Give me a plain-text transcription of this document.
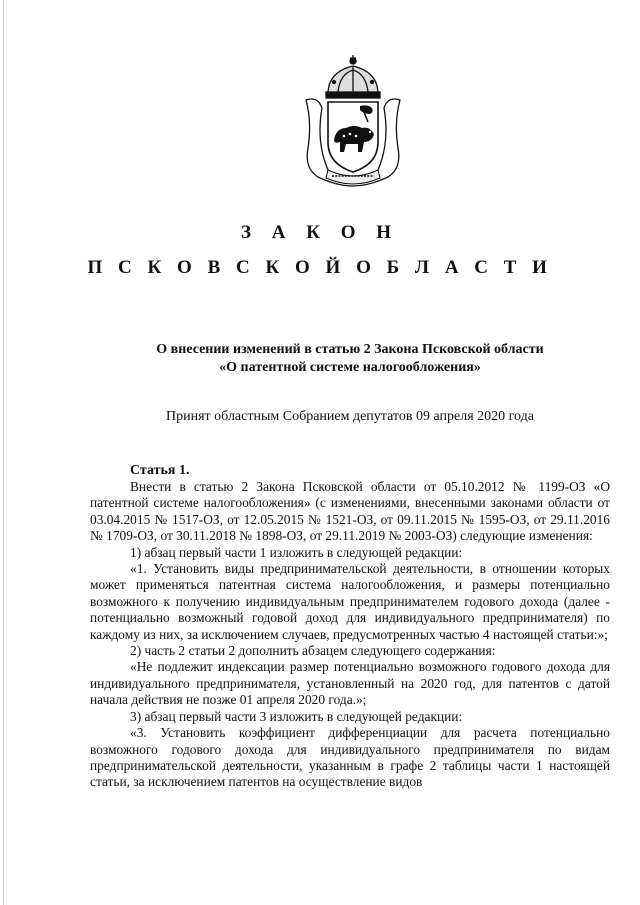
З А К О Н
П С К О В С К О Й О Б Л А С Т И
О внесении изменений в статью 2 Закона Псковской области
«О патентной системе налогообложения»
Принят областным Собранием депутатов 09 апреля 2020 года
Статья 1.

Внести в статью 2 Закона Псковской области от 05.10.2012 № 1199-ОЗ «О патентной системе налогообложения» (с изменениями, внесенными законами области от 03.04.2015 № 1517-ОЗ, от 12.05.2015 № 1521-ОЗ, от 09.11.2015 № 1595-ОЗ, от 29.11.2016 № 1709-ОЗ, от 30.11.2018 № 1898-ОЗ, от 29.11.2019 № 2003-ОЗ) следующие изменения:

1) абзац первый части 1 изложить в следующей редакции:

«1. Установить виды предпринимательской деятельности, в отношении которых может применяться патентная система налогообложения, и размеры потенциально возможного к получению индивидуальным предпринимателем годового дохода (далее - потенциально возможный годовой доход для индивидуального предпринимателя) по каждому из них, за исключением случаев, предусмотренных частью 4 настоящей статьи:»;

2) часть 2 статьи 2 дополнить абзацем следующего содержания:

«Не подлежит индексации размер потенциально возможного годового дохода для индивидуального предпринимателя, установленный на 2020 год, для патентов с датой начала действия не позже 01 апреля 2020 года.»;

3) абзац первый части 3 изложить в следующей редакции:

«3. Установить коэффициент дифференциации для расчета потенциально возможного годового дохода для индивидуального предпринимателя по видам предпринимательской деятельности, указанным в графе 2 таблицы части 1 настоящей статьи, за исключением патентов на осуществление видов
